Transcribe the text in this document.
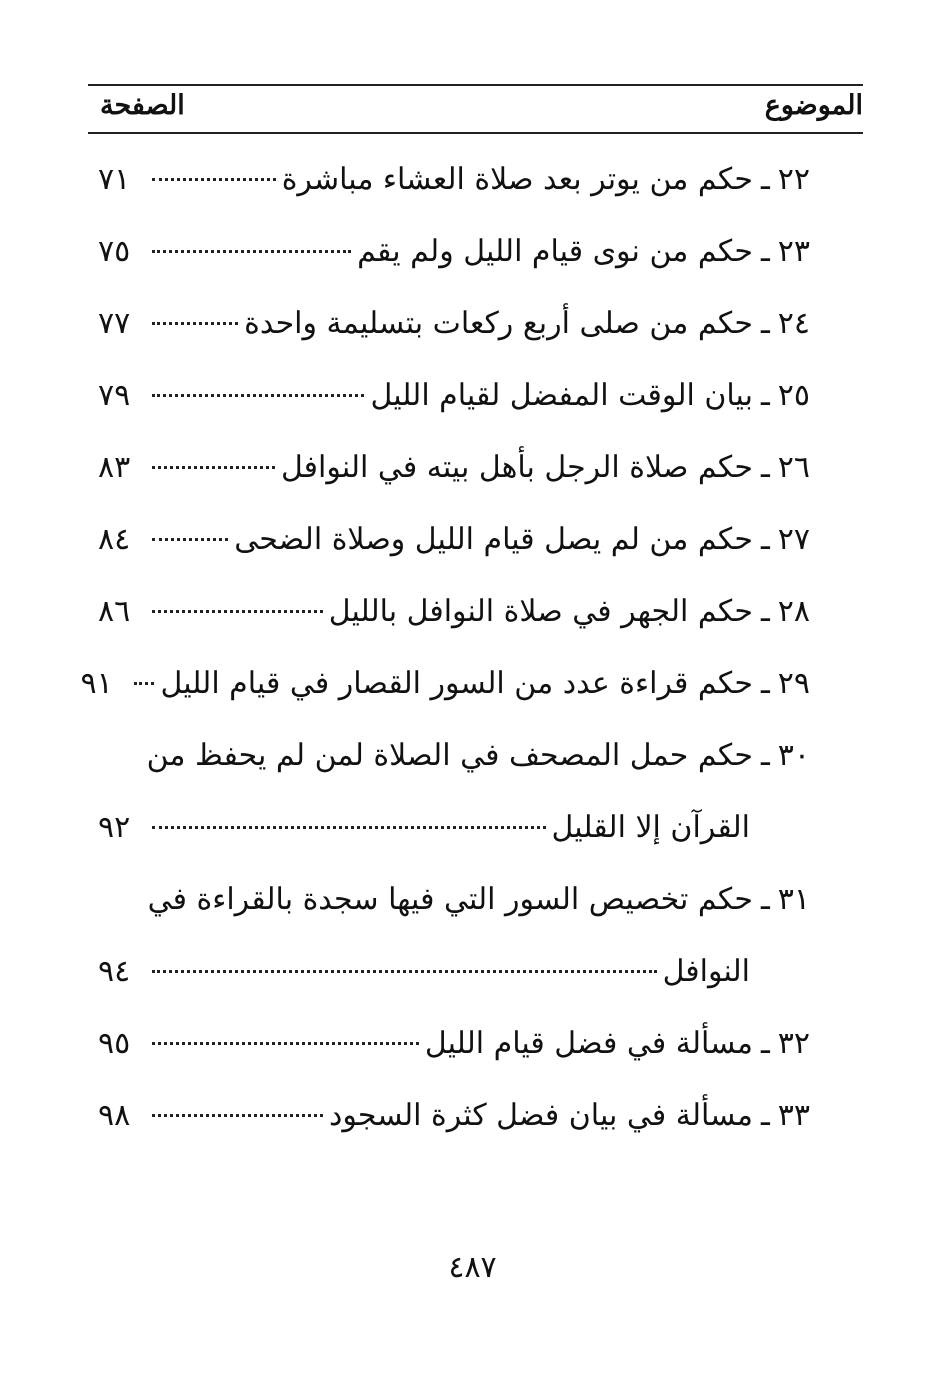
الموضوع
الصفحة
٢٢
ـ
حكم من يوتر بعد صلاة العشاء مباشرة
٧١
٢٣
ـ
حكم من نوى قيام الليل ولم يقم
٧٥
٢٤
ـ
حكم من صلى أربع ركعات بتسليمة واحدة
٧٧
٢٥
ـ
بيان الوقت المفضل لقيام الليل
٧٩
٢٦
ـ
حكم صلاة الرجل بأهل بيته في النوافل
٨٣
٢٧
ـ
حكم من لم يصل قيام الليل وصلاة الضحى
٨٤
٢٨
ـ
حكم الجهر في صلاة النوافل بالليل
٨٦
٢٩
ـ
حكم قراءة عدد من السور القصار في قيام الليل
٩١
٣٠
ـ
حكم حمل المصحف في الصلاة لمن لم يحفظ من
القرآن إلا القليل
٩٢
٣١
ـ
حكم تخصيص السور التي فيها سجدة بالقراءة في
النوافل
٩٤
٣٢
ـ
مسألة في فضل قيام الليل
٩٥
٣٣
ـ
مسألة في بيان فضل كثرة السجود
٩٨
٤٨٧
